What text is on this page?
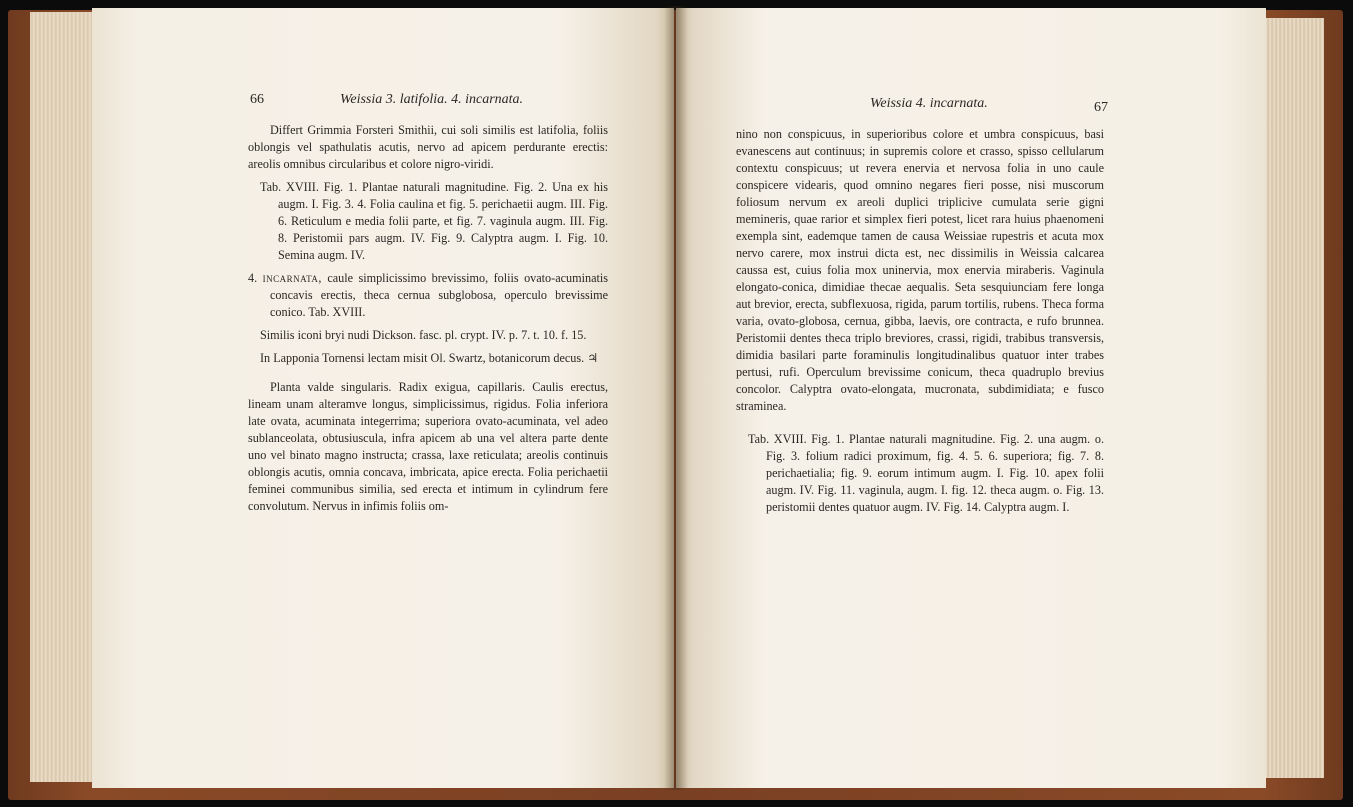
66	Weissia 3. latifolia. 4. incarnata.

Differt Grimmia Forsteri Smithii, cui soli similis est latifolia, foliis oblongis vel spathulatis acutis, nervo ad apicem perdurante erectis: areolis omnibus circularibus et colore nigro-viridi.

Tab. XVIII. Fig. 1. Plantae naturali magnitudine. Fig. 2. Una ex his augm. I. Fig. 3. 4. Folia caulina et fig. 5. perichaetii augm. III. Fig. 6. Reticulum e media folii parte, et fig. 7. vaginula augm. III. Fig. 8. Peristomii pars augm. IV. Fig. 9. Calyptra augm. I. Fig. 10. Semina augm. IV.

4. incarnata, caule simplicissimo brevissimo, foliis ovato-acuminatis concavis erectis, theca cernua subglobosa, operculo brevissime conico. Tab. XVIII.

Similis iconi bryi nudi Dickson. fasc. pl. crypt. IV. p. 7. t. 10. f. 15.

In Lapponia Tornensi lectam misit Ol. Swartz, botanicorum decus. ♃

Planta valde singularis. Radix exigua, capillaris. Caulis erectus, lineam unam alteramve longus, simplicissimus, rigidus. Folia inferiora late ovata, acuminata integerrima; superiora ovato-acuminata, vel adeo sublanceolata, obtusiuscula, infra apicem ab una vel altera parte dente uno vel binato magno instructa; crassa, laxe reticulata; areolis continuis oblongis acutis, omnia concava, imbricata, apice erecta. Folia perichaetii feminei communibus similia, sed erecta et intimum in cylindrum fere convolutum. Nervus in infimis foliis om-

Weissia 4. incarnata.	67

nino non conspicuus, in superioribus colore et umbra conspicuus, basi evanescens aut continuus; in supremis colore et crasso, spisso cellularum contextu conspicuus; ut revera enervia et nervosa folia in uno caule conspicere videaris, quod omnino negares fieri posse, nisi muscorum foliosum nervum ex areoli duplici triplicive cumulata serie gigni memineris, quae rarior et simplex fieri potest, licet rara huius phaenomeni exempla sint, eademque tamen de causa Weissiae rupestris et acuta mox nervo carere, mox instrui dicta est, nec dissimilis in Weissia calcarea caussa est, cuius folia mox uninervia, mox enervia miraberis. Vaginula elongato-conica, dimidiae thecae aequalis. Seta sesquiunciam fere longa aut brevior, erecta, subflexuosa, rigida, parum tortilis, rubens. Theca forma varia, ovato-globosa, cernua, gibba, laevis, ore contracta, e rufo brunnea. Peristomii dentes theca triplo breviores, crassi, rigidi, trabibus transversis, dimidia basilari parte foraminulis longitudinalibus quatuor inter trabes pertusi, rufi. Operculum brevissime conicum, theca quadruplo brevius concolor. Calyptra ovato-elongata, mucronata, subdimidiata; e fusco straminea.

Tab. XVIII. Fig. 1. Plantae naturali magnitudine. Fig. 2. una augm. o. Fig. 3. folium radici proximum, fig. 4. 5. 6. superiora; fig. 7. 8. perichaetialia; fig. 9. eorum intimum augm. I. Fig. 10. apex folii augm. IV. Fig. 11. vaginula, augm. I. fig. 12. theca augm. o. Fig. 13. peristomii dentes quatuor augm. IV. Fig. 14. Calyptra augm. I.
